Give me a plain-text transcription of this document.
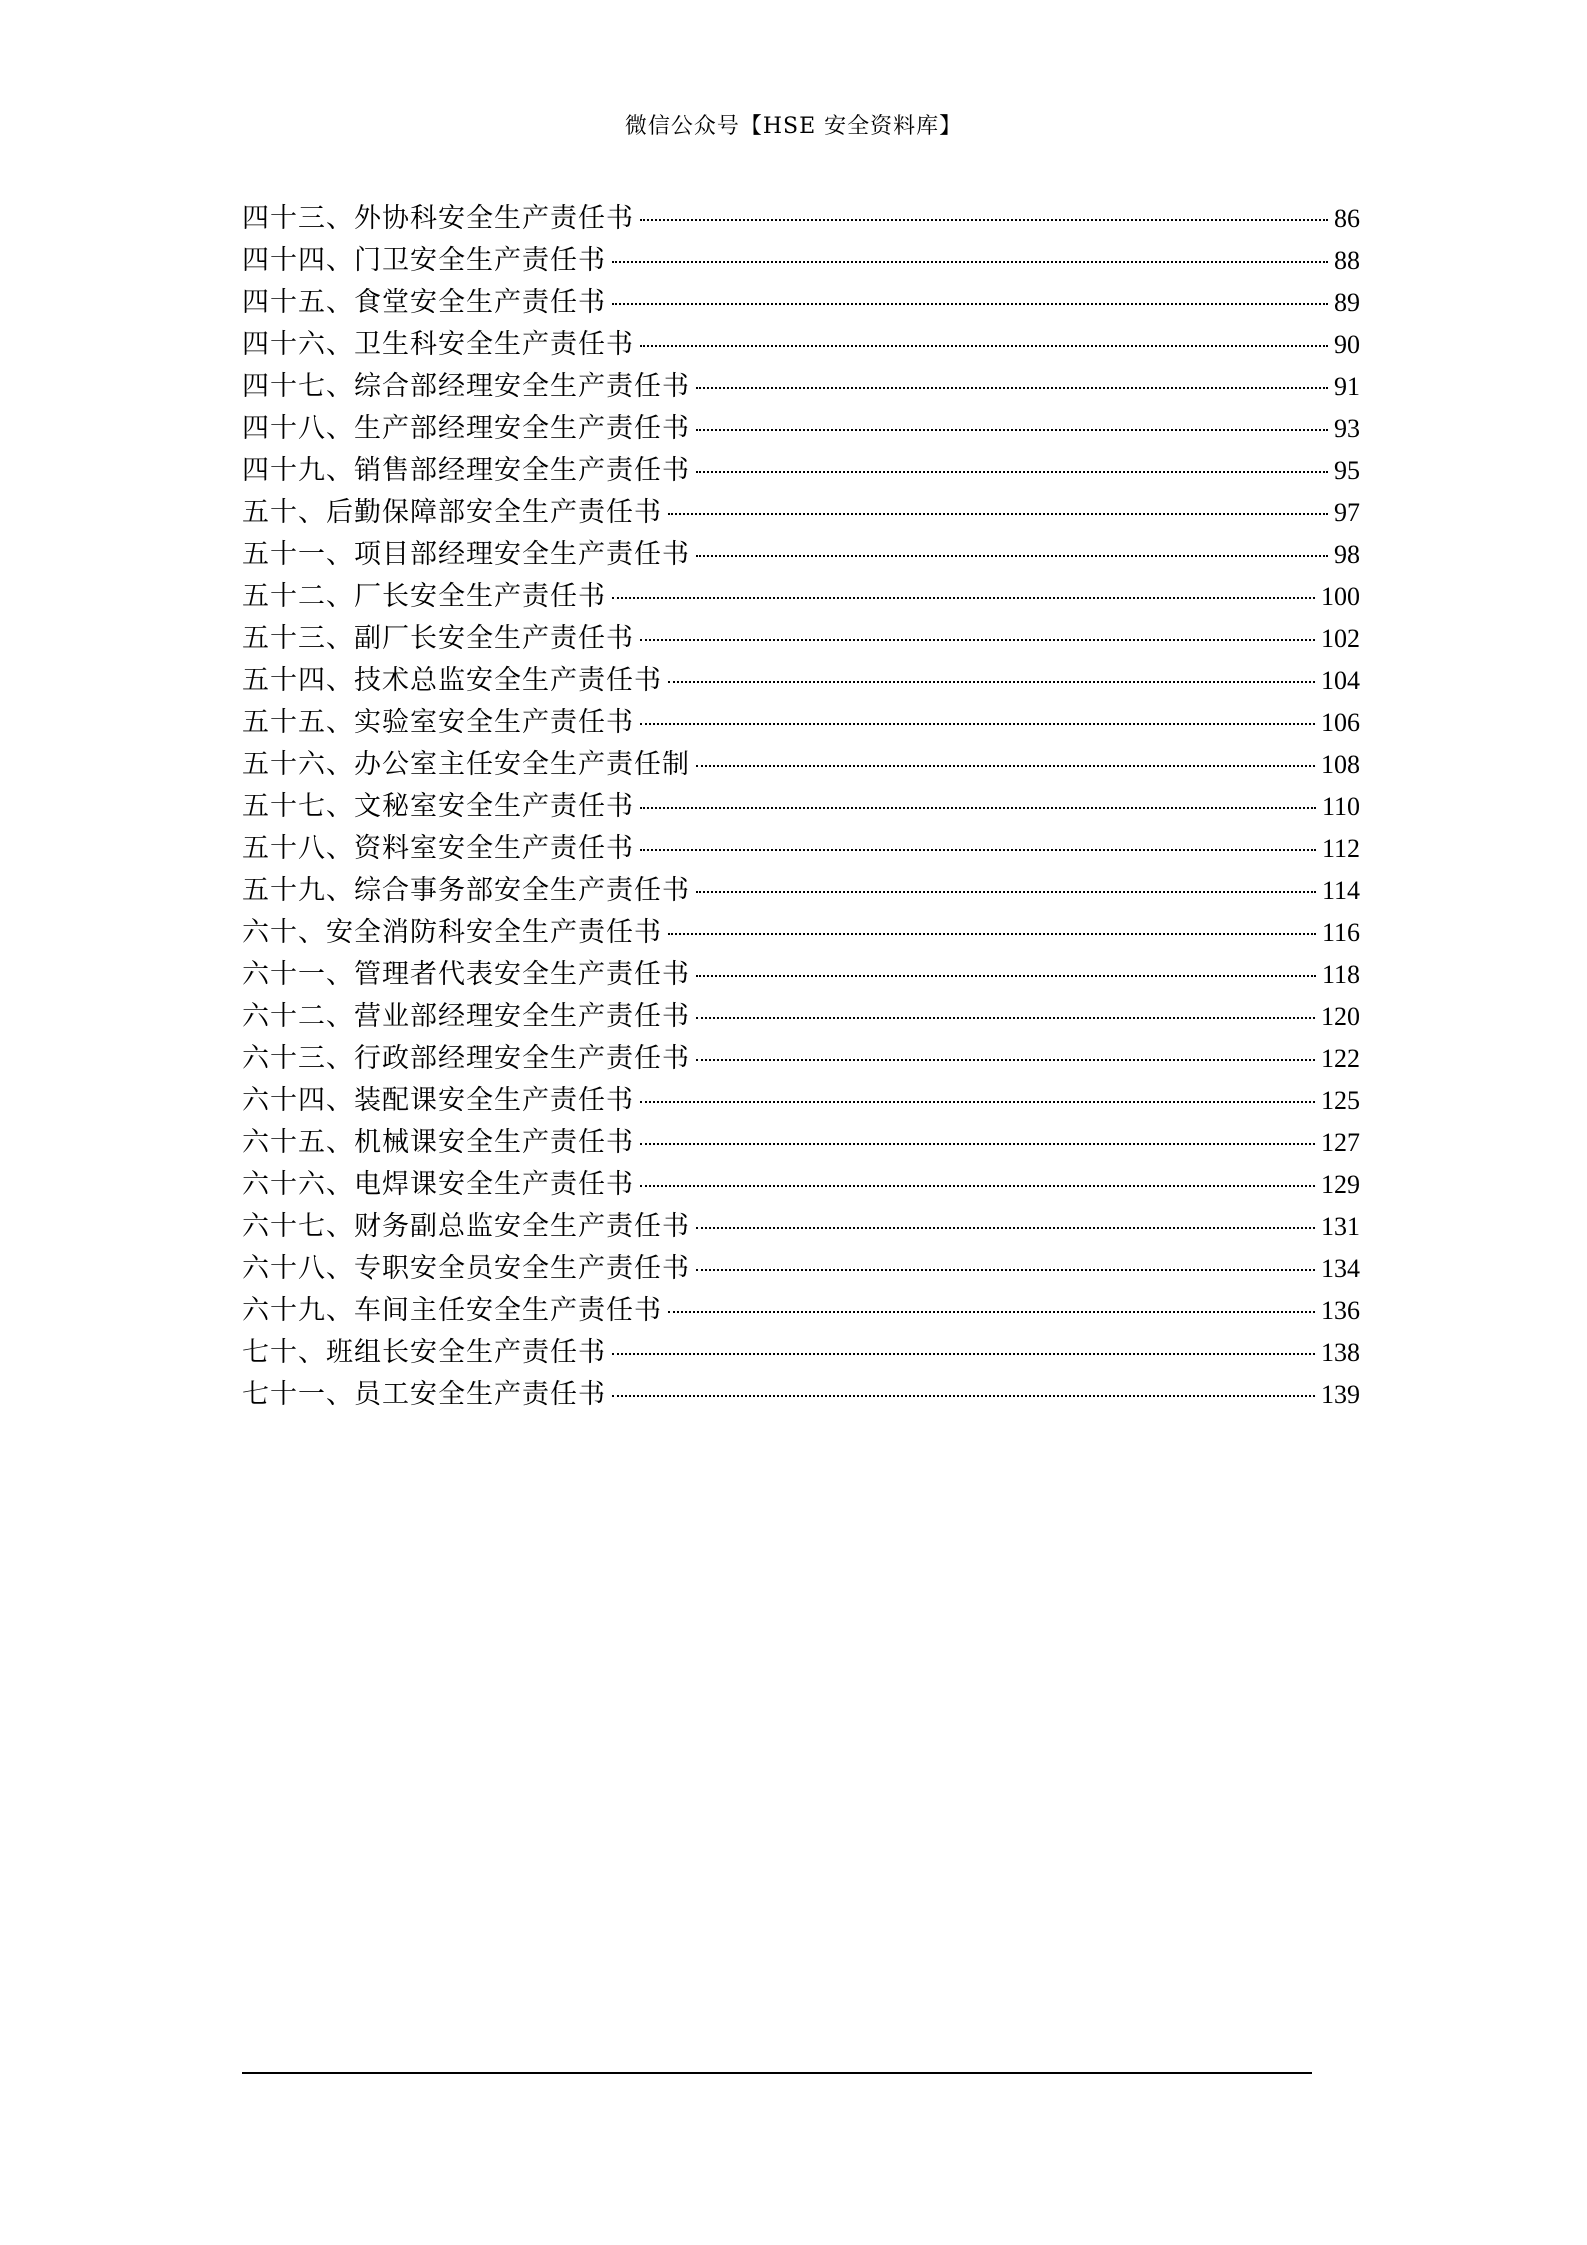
微信公众号【HSE 安全资料库】
四十三、外协科安全生产责任书	86
四十四、门卫安全生产责任书	88
四十五、食堂安全生产责任书	89
四十六、卫生科安全生产责任书	90
四十七、综合部经理安全生产责任书	91
四十八、生产部经理安全生产责任书	93
四十九、销售部经理安全生产责任书	95
五十、后勤保障部安全生产责任书	97
五十一、项目部经理安全生产责任书	98
五十二、厂长安全生产责任书	100
五十三、副厂长安全生产责任书	102
五十四、技术总监安全生产责任书	104
五十五、实验室安全生产责任书	106
五十六、办公室主任安全生产责任制	108
五十七、文秘室安全生产责任书	110
五十八、资料室安全生产责任书	112
五十九、综合事务部安全生产责任书	114
六十、安全消防科安全生产责任书	116
六十一、管理者代表安全生产责任书	118
六十二、营业部经理安全生产责任书	120
六十三、行政部经理安全生产责任书	122
六十四、装配课安全生产责任书	125
六十五、机械课安全生产责任书	127
六十六、电焊课安全生产责任书	129
六十七、财务副总监安全生产责任书	131
六十八、专职安全员安全生产责任书	134
六十九、车间主任安全生产责任书	136
七十、班组长安全生产责任书	138
七十一、员工安全生产责任书	139
